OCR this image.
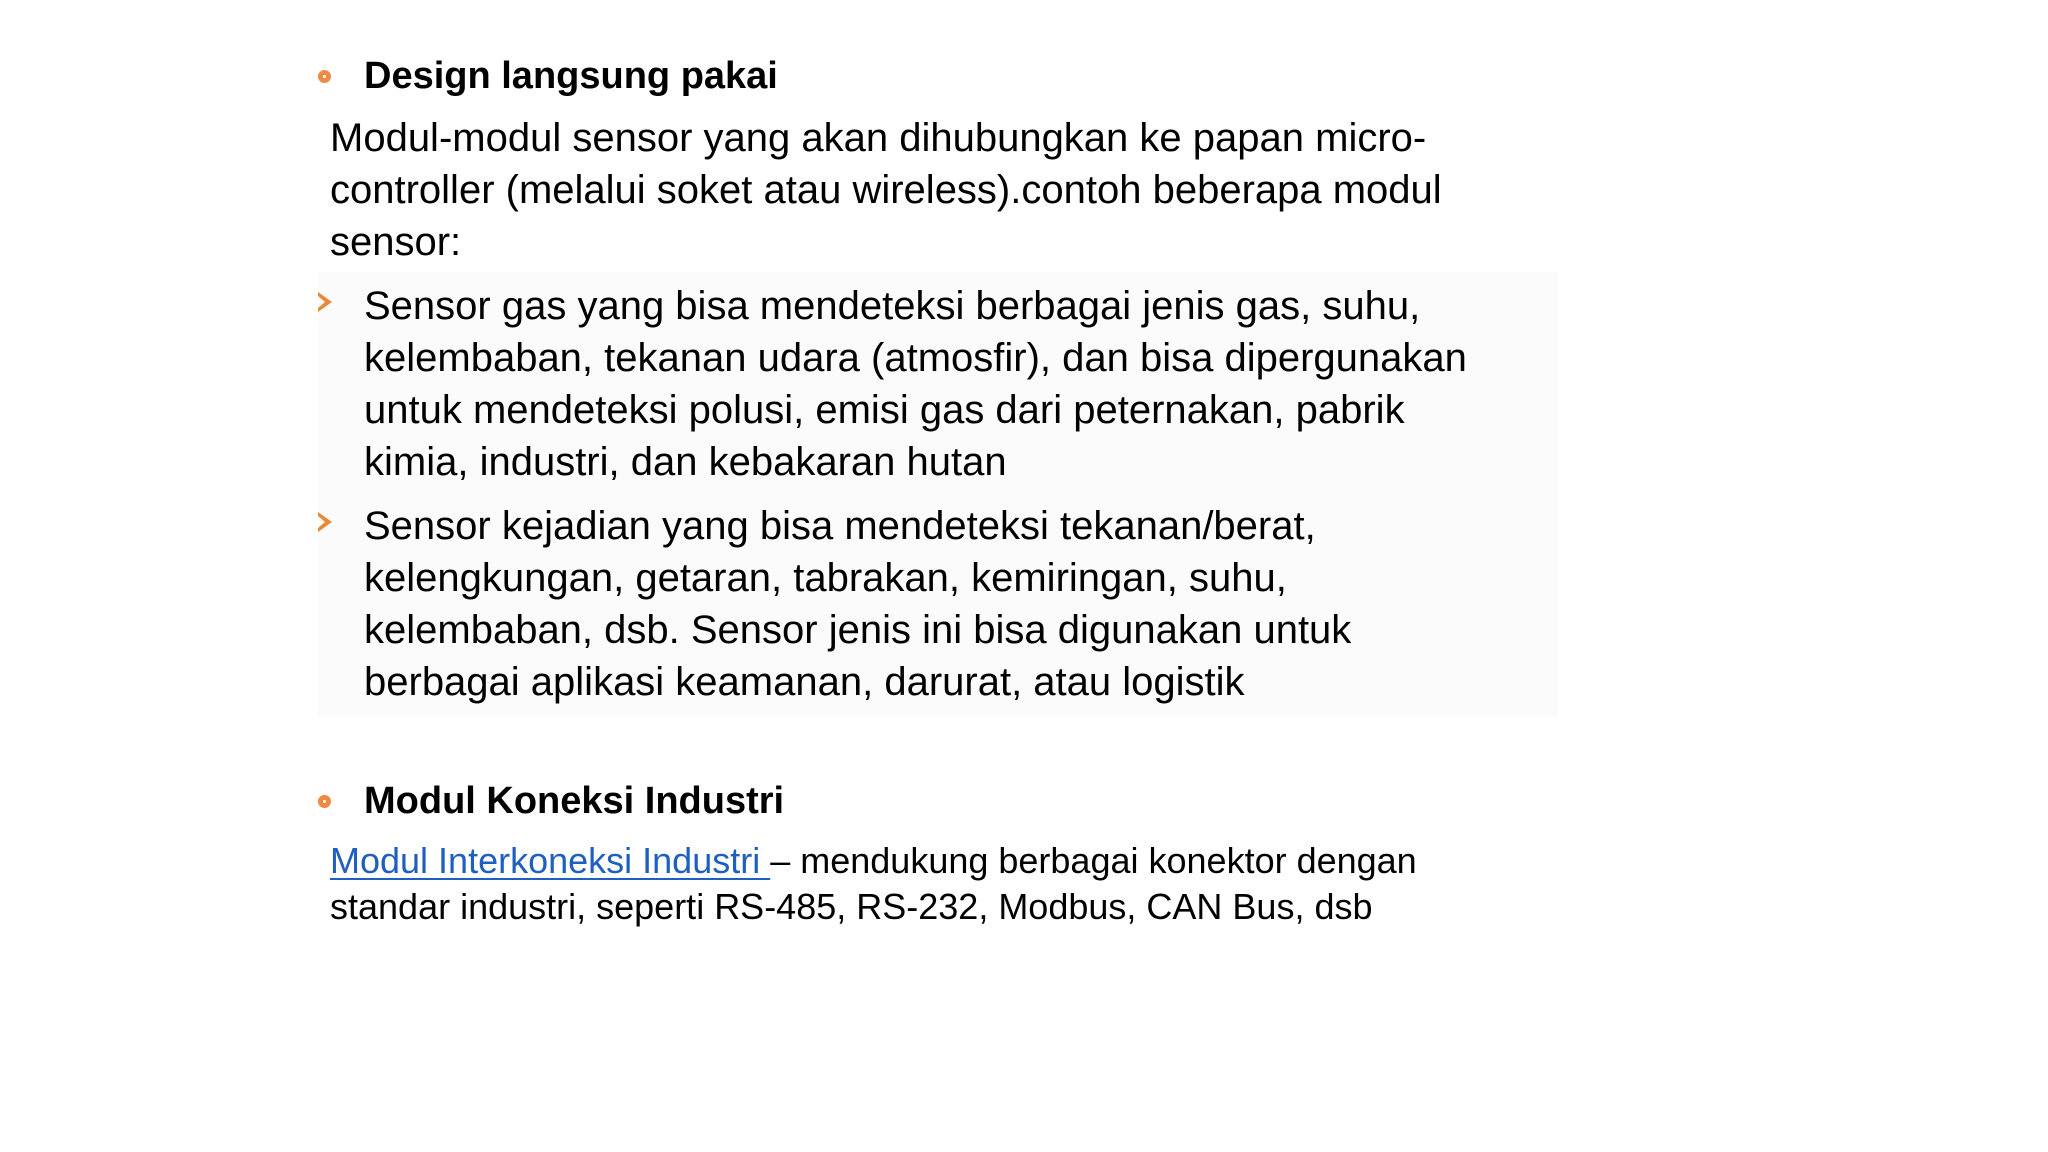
Design langsung pakai

Modul-modul sensor yang akan dihubungkan ke papan micro-

controller (melalui soket atau wireless).contoh beberapa modul

sensor:

Sensor gas yang bisa mendeteksi berbagai jenis gas, suhu,

kelembaban, tekanan udara (atmosfir), dan bisa dipergunakan

untuk mendeteksi polusi, emisi gas dari peternakan, pabrik

kimia, industri, dan kebakaran hutan

Sensor kejadian yang bisa mendeteksi tekanan/berat,

kelengkungan, getaran, tabrakan, kemiringan, suhu,

kelembaban, dsb. Sensor jenis ini bisa digunakan untuk

berbagai aplikasi keamanan, darurat, atau logistik

Modul Koneksi Industri

Modul Interkoneksi Industri – mendukung berbagai konektor dengan

standar industri, seperti RS-485, RS-232, Modbus, CAN Bus, dsb
